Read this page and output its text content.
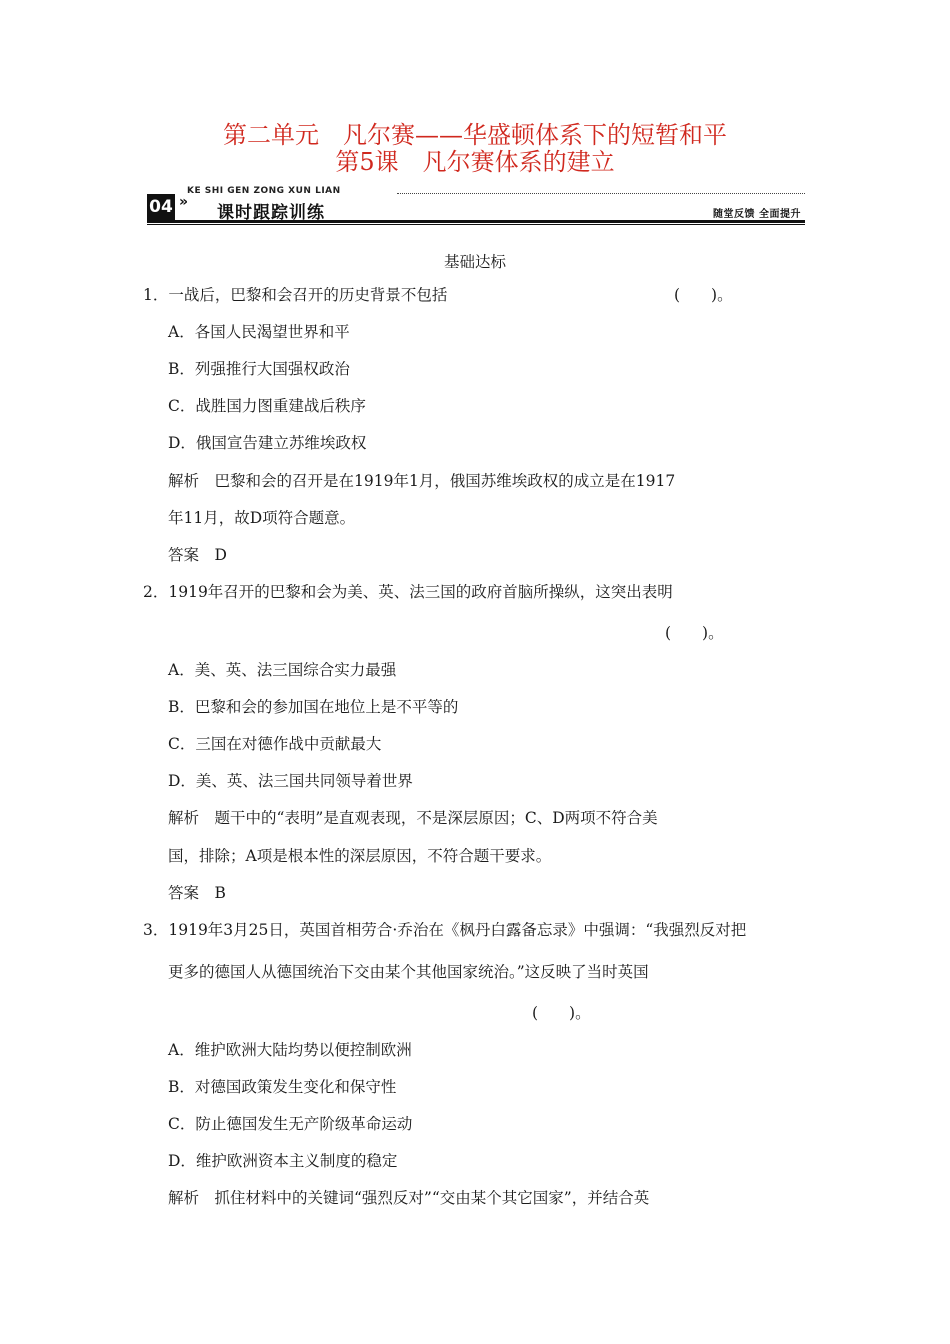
第二单元　凡尔赛——华盛顿体系下的短暂和平
第5课　凡尔赛体系的建立
KE SHI GEN ZONG XUN LIAN
04 »
课时跟踪训练	随堂反馈 全面提升
基础达标
1．一战后，巴黎和会召开的历史背景不包括	(　　)。
A．各国人民渴望世界和平
B．列强推行大国强权政治
C．战胜国力图重建战后秩序
D．俄国宣告建立苏维埃政权
解析　巴黎和会的召开是在1919年1月，俄国苏维埃政权的成立是在1917
年11月，故D项符合题意。
答案　D
2．1919年召开的巴黎和会为美、英、法三国的政府首脑所操纵，这突出表明
(　　)。
A．美、英、法三国综合实力最强
B．巴黎和会的参加国在地位上是不平等的
C．三国在对德作战中贡献最大
D．美、英、法三国共同领导着世界
解析　题干中的“表明”是直观表现，不是深层原因；C、D两项不符合美
国，排除；A项是根本性的深层原因，不符合题干要求。
答案　B
3．1919年3月25日，英国首相劳合·乔治在《枫丹白露备忘录》中强调：“我强烈反对把
更多的德国人从德国统治下交由某个其他国家统治。”这反映了当时英国
(　　)。
A．维护欧洲大陆均势以便控制欧洲
B．对德国政策发生变化和保守性
C．防止德国发生无产阶级革命运动
D．维护欧洲资本主义制度的稳定
解析　抓住材料中的关键词“强烈反对”“交由某个其它国家”，并结合英
